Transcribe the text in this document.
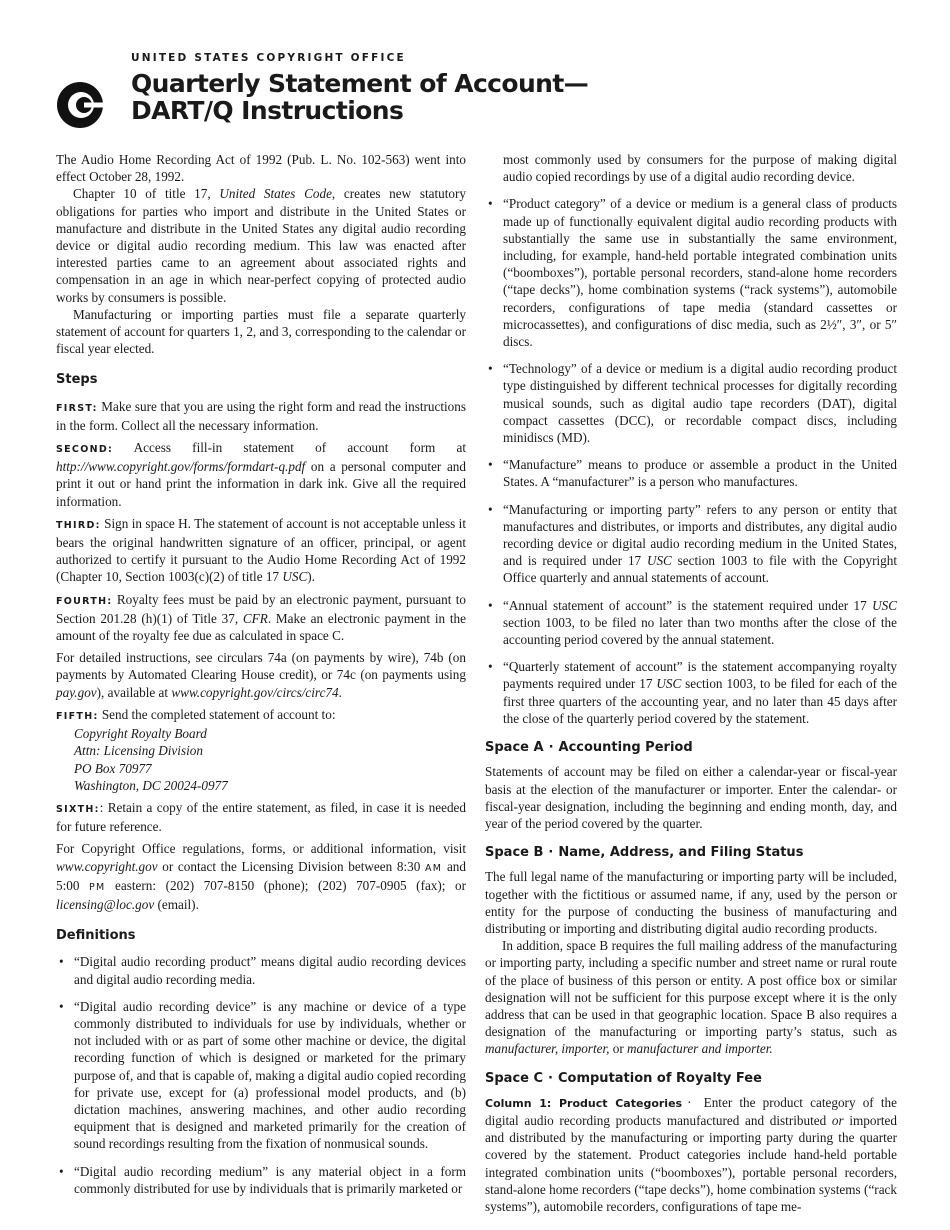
UNITED STATES COPYRIGHT OFFICE
Quarterly Statement of Account—
DART/Q Instructions

The Audio Home Recording Act of 1992 (Pub. L. No. 102-563) went into effect October 28, 1992.

Chapter 10 of title 17, United States Code, creates new statutory obligations for parties who import and distribute in the United States or manufacture and distribute in the United States any digital audio recording device or digital audio recording medium. This law was enacted after interested parties came to an agreement about associated rights and compensation in an age in which near-perfect copying of protected audio works by consumers is possible.

Manufacturing or importing parties must file a separate quarterly statement of account for quarters 1, 2, and 3, corresponding to the calendar or fiscal year elected.

Steps

FIRST: Make sure that you are using the right form and read the instructions in the form. Collect all the necessary information.

SECOND: Access fill-in statement of account form at http://www.copyright.gov/forms/formdart-q.pdf on a personal computer and print it out or hand print the information in dark ink. Give all the required information.

THIRD: Sign in space H. The statement of account is not acceptable unless it bears the original handwritten signature of an officer, principal, or agent authorized to certify it pursuant to the Audio Home Recording Act of 1992 (Chapter 10, Section 1003(c)(2) of title 17 USC).

FOURTH: Royalty fees must be paid by an electronic payment, pursuant to Section 201.28 (h)(1) of Title 37, CFR. Make an electronic payment in the amount of the royalty fee due as calculated in space C.

For detailed instructions, see circulars 74a (on payments by wire), 74b (on payments by Automated Clearing House credit), or 74c (on payments using pay.gov), available at www.copyright.gov/circs/circ74.

FIFTH: Send the completed statement of account to:

Copyright Royalty Board
Attn: Licensing Division
PO Box 70977
Washington, DC 20024-0977

SIXTH:: Retain a copy of the entire statement, as filed, in case it is needed for future reference.

For Copyright Office regulations, forms, or additional information, visit www.copyright.gov or contact the Licensing Division between 8:30 AM and 5:00 PM eastern: (202) 707-8150 (phone); (202) 707-0905 (fax); or licensing@loc.gov (email).

Definitions
• “Digital audio recording product” means digital audio recording devices and digital audio recording media.
• “Digital audio recording device” is any machine or device of a type commonly distributed to individuals for use by individuals, whether or not included with or as part of some other machine or device, the digital recording function of which is designed or marketed for the primary purpose of, and that is capable of, making a digital audio copied recording for private use, except for (a) professional model products, and (b) dictation machines, answering machines, and other audio recording equipment that is designed and marketed primarily for the creation of sound recordings resulting from the fixation of nonmusical sounds.
• “Digital audio recording medium” is any material object in a form commonly distributed for use by individuals that is primarily marketed or
most commonly used by consumers for the purpose of making digital audio copied recordings by use of a digital audio recording device.
• “Product category” of a device or medium is a general class of products made up of functionally equivalent digital audio recording products with substantially the same use in substantially the same environment, including, for example, hand-held portable integrated combination units (“boomboxes”), portable personal recorders, stand-alone home recorders (“tape decks”), home combination systems (“rack systems”), automobile recorders, configurations of tape media (standard cassettes or microcassettes), and configurations of disc media, such as 2½″, 3″, or 5″ discs.
• “Technology” of a device or medium is a digital audio recording product type distinguished by different technical processes for digitally recording musical sounds, such as digital audio tape recorders (DAT), digital compact cassettes (DCC), or recordable compact discs, including minidiscs (MD).
• “Manufacture” means to produce or assemble a product in the United States. A “manufacturer” is a person who manufactures.
• “Manufacturing or importing party” refers to any person or entity that manufactures and distributes, or imports and distributes, any digital audio recording device or digital audio recording medium in the United States, and is required under 17 USC section 1003 to file with the Copyright Office quarterly and annual statements of account.
• “Annual statement of account” is the statement required under 17 USC section 1003, to be filed no later than two months after the close of the accounting period covered by the annual statement.
• “Quarterly statement of account” is the statement accompanying royalty payments required under 17 USC section 1003, to be filed for each of the first three quarters of the accounting year, and no later than 45 days after the close of the quarterly period covered by the statement.
Space A · Accounting Period

Statements of account may be filed on either a calendar-year or fiscal-year basis at the election of the manufacturer or importer. Enter the calendar- or fiscal-year designation, including the beginning and ending month, day, and year of the period covered by the quarter.

Space B · Name, Address, and Filing Status

The full legal name of the manufacturing or importing party will be included, together with the fictitious or assumed name, if any, used by the person or entity for the purpose of conducting the business of manufacturing and distributing or importing and distributing digital audio recording products.

In addition, space B requires the full mailing address of the manufacturing or importing party, including a specific number and street name or rural route of the place of business of this person or entity. A post office box or similar designation will not be sufficient for this purpose except where it is the only address that can be used in that geographic location. Space B also requires a designation of the manufacturing or importing party’s status, such as manufacturer, importer, or manufacturer and importer.

Space C · Computation of Royalty Fee

Column 1: Product Categories · Enter the product category of the digital audio recording products manufactured and distributed or imported and distributed by the manufacturing or importing party during the quarter covered by the statement. Product categories include hand-held portable integrated combination units (“boomboxes”), portable personal recorders, stand-alone home recorders (“tape decks”), home combination systems (“rack systems”), automobile recorders, configurations of tape me-
